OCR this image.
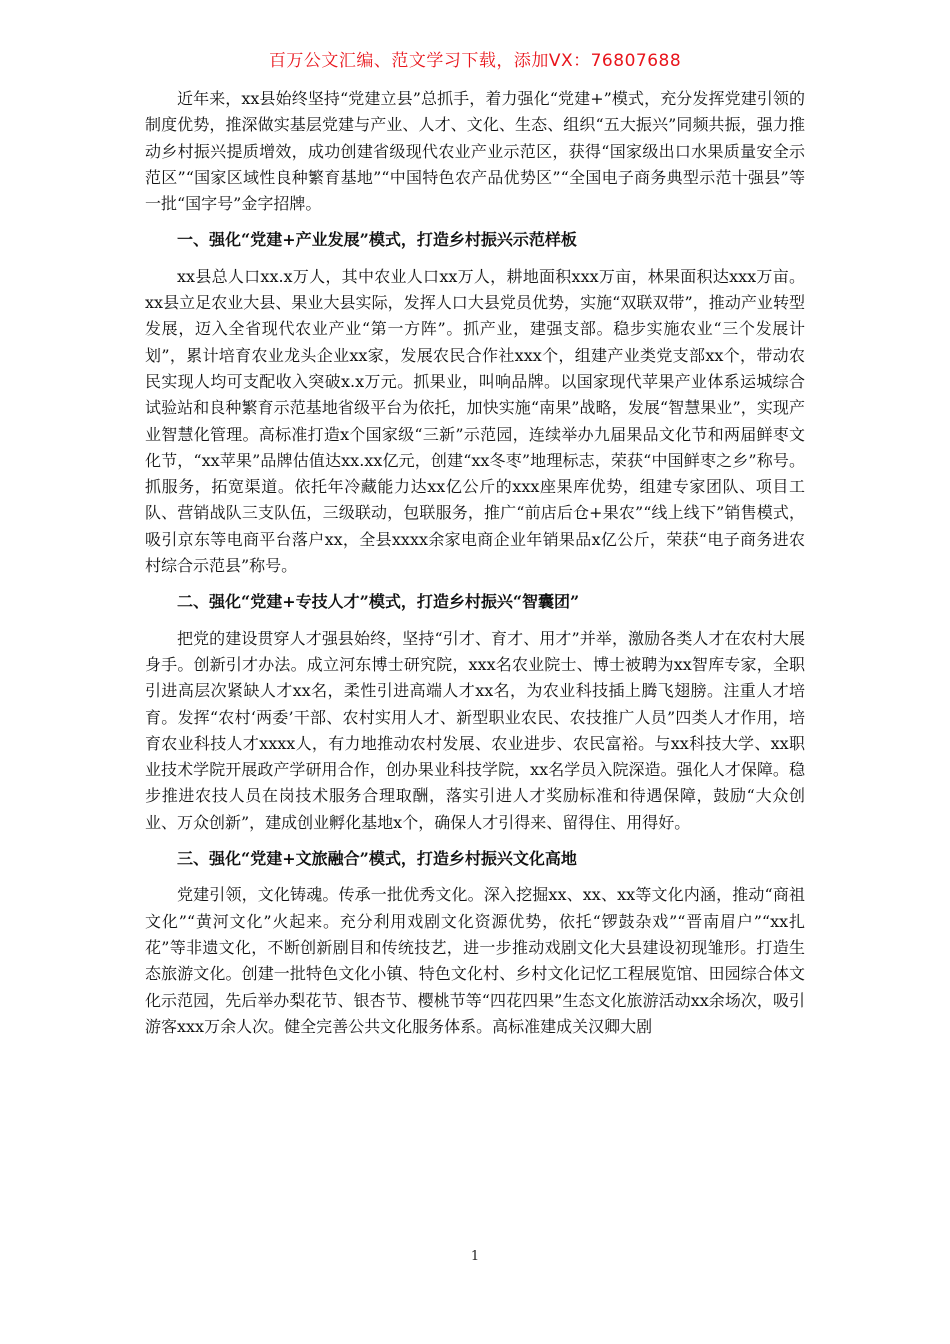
百万公文汇编、范文学习下载，添加VX：76807688

近年来，xx县始终坚持“党建立县”总抓手，着力强化“党建+”模式，充分发挥党建引领的制度优势，推深做实基层党建与产业、人才、文化、生态、组织“五大振兴”同频共振，强力推动乡村振兴提质增效，成功创建省级现代农业产业示范区，获得“国家级出口水果质量安全示范区”“国家区域性良种繁育基地”“中国特色农产品优势区”“全国电子商务典型示范十强县”等一批“国字号”金字招牌。

一、强化“党建+产业发展”模式，打造乡村振兴示范样板

xx县总人口xx.x万人，其中农业人口xx万人，耕地面积xxx万亩，林果面积达xxx万亩。xx县立足农业大县、果业大县实际，发挥人口大县党员优势，实施“双联双带”，推动产业转型发展，迈入全省现代农业产业“第一方阵”。抓产业，建强支部。稳步实施农业“三个发展计划”，累计培育农业龙头企业xx家，发展农民合作社xxx个，组建产业类党支部xx个，带动农民实现人均可支配收入突破x.x万元。抓果业，叫响品牌。以国家现代苹果产业体系运城综合试验站和良种繁育示范基地省级平台为依托，加快实施“南果”战略，发展“智慧果业”，实现产业智慧化管理。高标准打造x个国家级“三新”示范园，连续举办九届果品文化节和两届鲜枣文化节，“xx苹果”品牌估值达xx.xx亿元，创建“xx冬枣”地理标志，荣获“中国鲜枣之乡”称号。抓服务，拓宽渠道。依托年冷藏能力达xx亿公斤的xxx座果库优势，组建专家团队、项目工队、营销战队三支队伍，三级联动，包联服务，推广“前店后仓+果农”“线上线下”销售模式，吸引京东等电商平台落户xx，全县xxxx余家电商企业年销果品x亿公斤，荣获“电子商务进农村综合示范县”称号。

二、强化“党建+专技人才”模式，打造乡村振兴“智囊团”

把党的建设贯穿人才强县始终，坚持“引才、育才、用才”并举，激励各类人才在农村大展身手。创新引才办法。成立河东博士研究院，xxx名农业院士、博士被聘为xx智库专家，全职引进高层次紧缺人才xx名，柔性引进高端人才xx名，为农业科技插上腾飞翅膀。注重人才培育。发挥“农村‘两委’干部、农村实用人才、新型职业农民、农技推广人员”四类人才作用，培育农业科技人才xxxx人，有力地推动农村发展、农业进步、农民富裕。与xx科技大学、xx职业技术学院开展政产学研用合作，创办果业科技学院，xx名学员入院深造。强化人才保障。稳步推进农技人员在岗技术服务合理取酬，落实引进人才奖励标准和待遇保障，鼓励“大众创业、万众创新”，建成创业孵化基地x个，确保人才引得来、留得住、用得好。

三、强化“党建+文旅融合”模式，打造乡村振兴文化高地

党建引领，文化铸魂。传承一批优秀文化。深入挖掘xx、xx、xx等文化内涵，推动“商祖文化”“黄河文化”火起来。充分利用戏剧文化资源优势，依托“锣鼓杂戏”“晋南眉户”“xx扎花”等非遗文化，不断创新剧目和传统技艺，进一步推动戏剧文化大县建设初现雏形。打造生态旅游文化。创建一批特色文化小镇、特色文化村、乡村文化记忆工程展览馆、田园综合体文化示范园，先后举办梨花节、银杏节、樱桃节等“四花四果”生态文化旅游活动xx余场次，吸引游客xxx万余人次。健全完善公共文化服务体系。高标准建成关汉卿大剧

1
